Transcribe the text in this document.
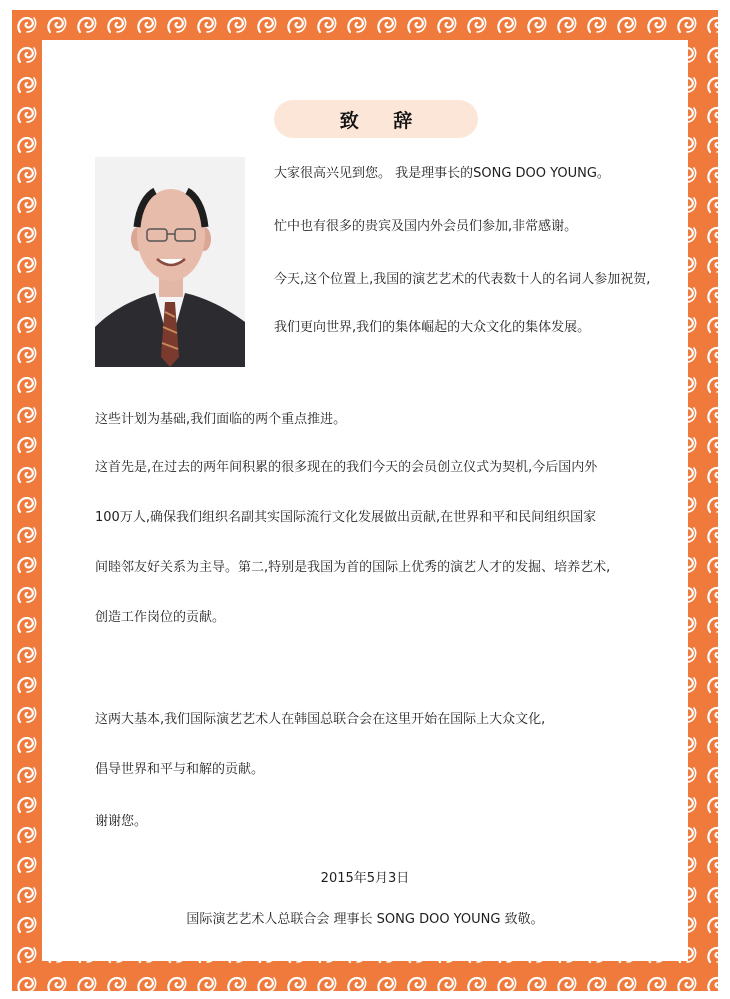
致 辞
大家很高兴见到您。 我是理事长的SONG DOO YOUNG。
忙中也有很多的贵宾及国内外会员们参加,非常感谢。
今天,这个位置上,我国的演艺艺术的代表数十人的名词人参加祝贺,
我们更向世界,我们的集体崛起的大众文化的集体发展。
这些计划为基础,我们面临的两个重点推进。
这首先是,在过去的两年间积累的很多现在的我们今天的会员创立仪式为契机,今后国内外
100万人,确保我们组织名副其实国际流行文化发展做出贡献,在世界和平和民间组织国家
间睦邻友好关系为主导。第二,特别是我国为首的国际上优秀的演艺人才的发掘、培养艺术,
创造工作岗位的贡献。
这两大基本,我们国际演艺艺术人在韩国总联合会在这里开始在国际上大众文化,
倡导世界和平与和解的贡献。
谢谢您。
2015年5月3日
国际演艺艺术人总联合会 理事长 SONG DOO YOUNG 致敬。
